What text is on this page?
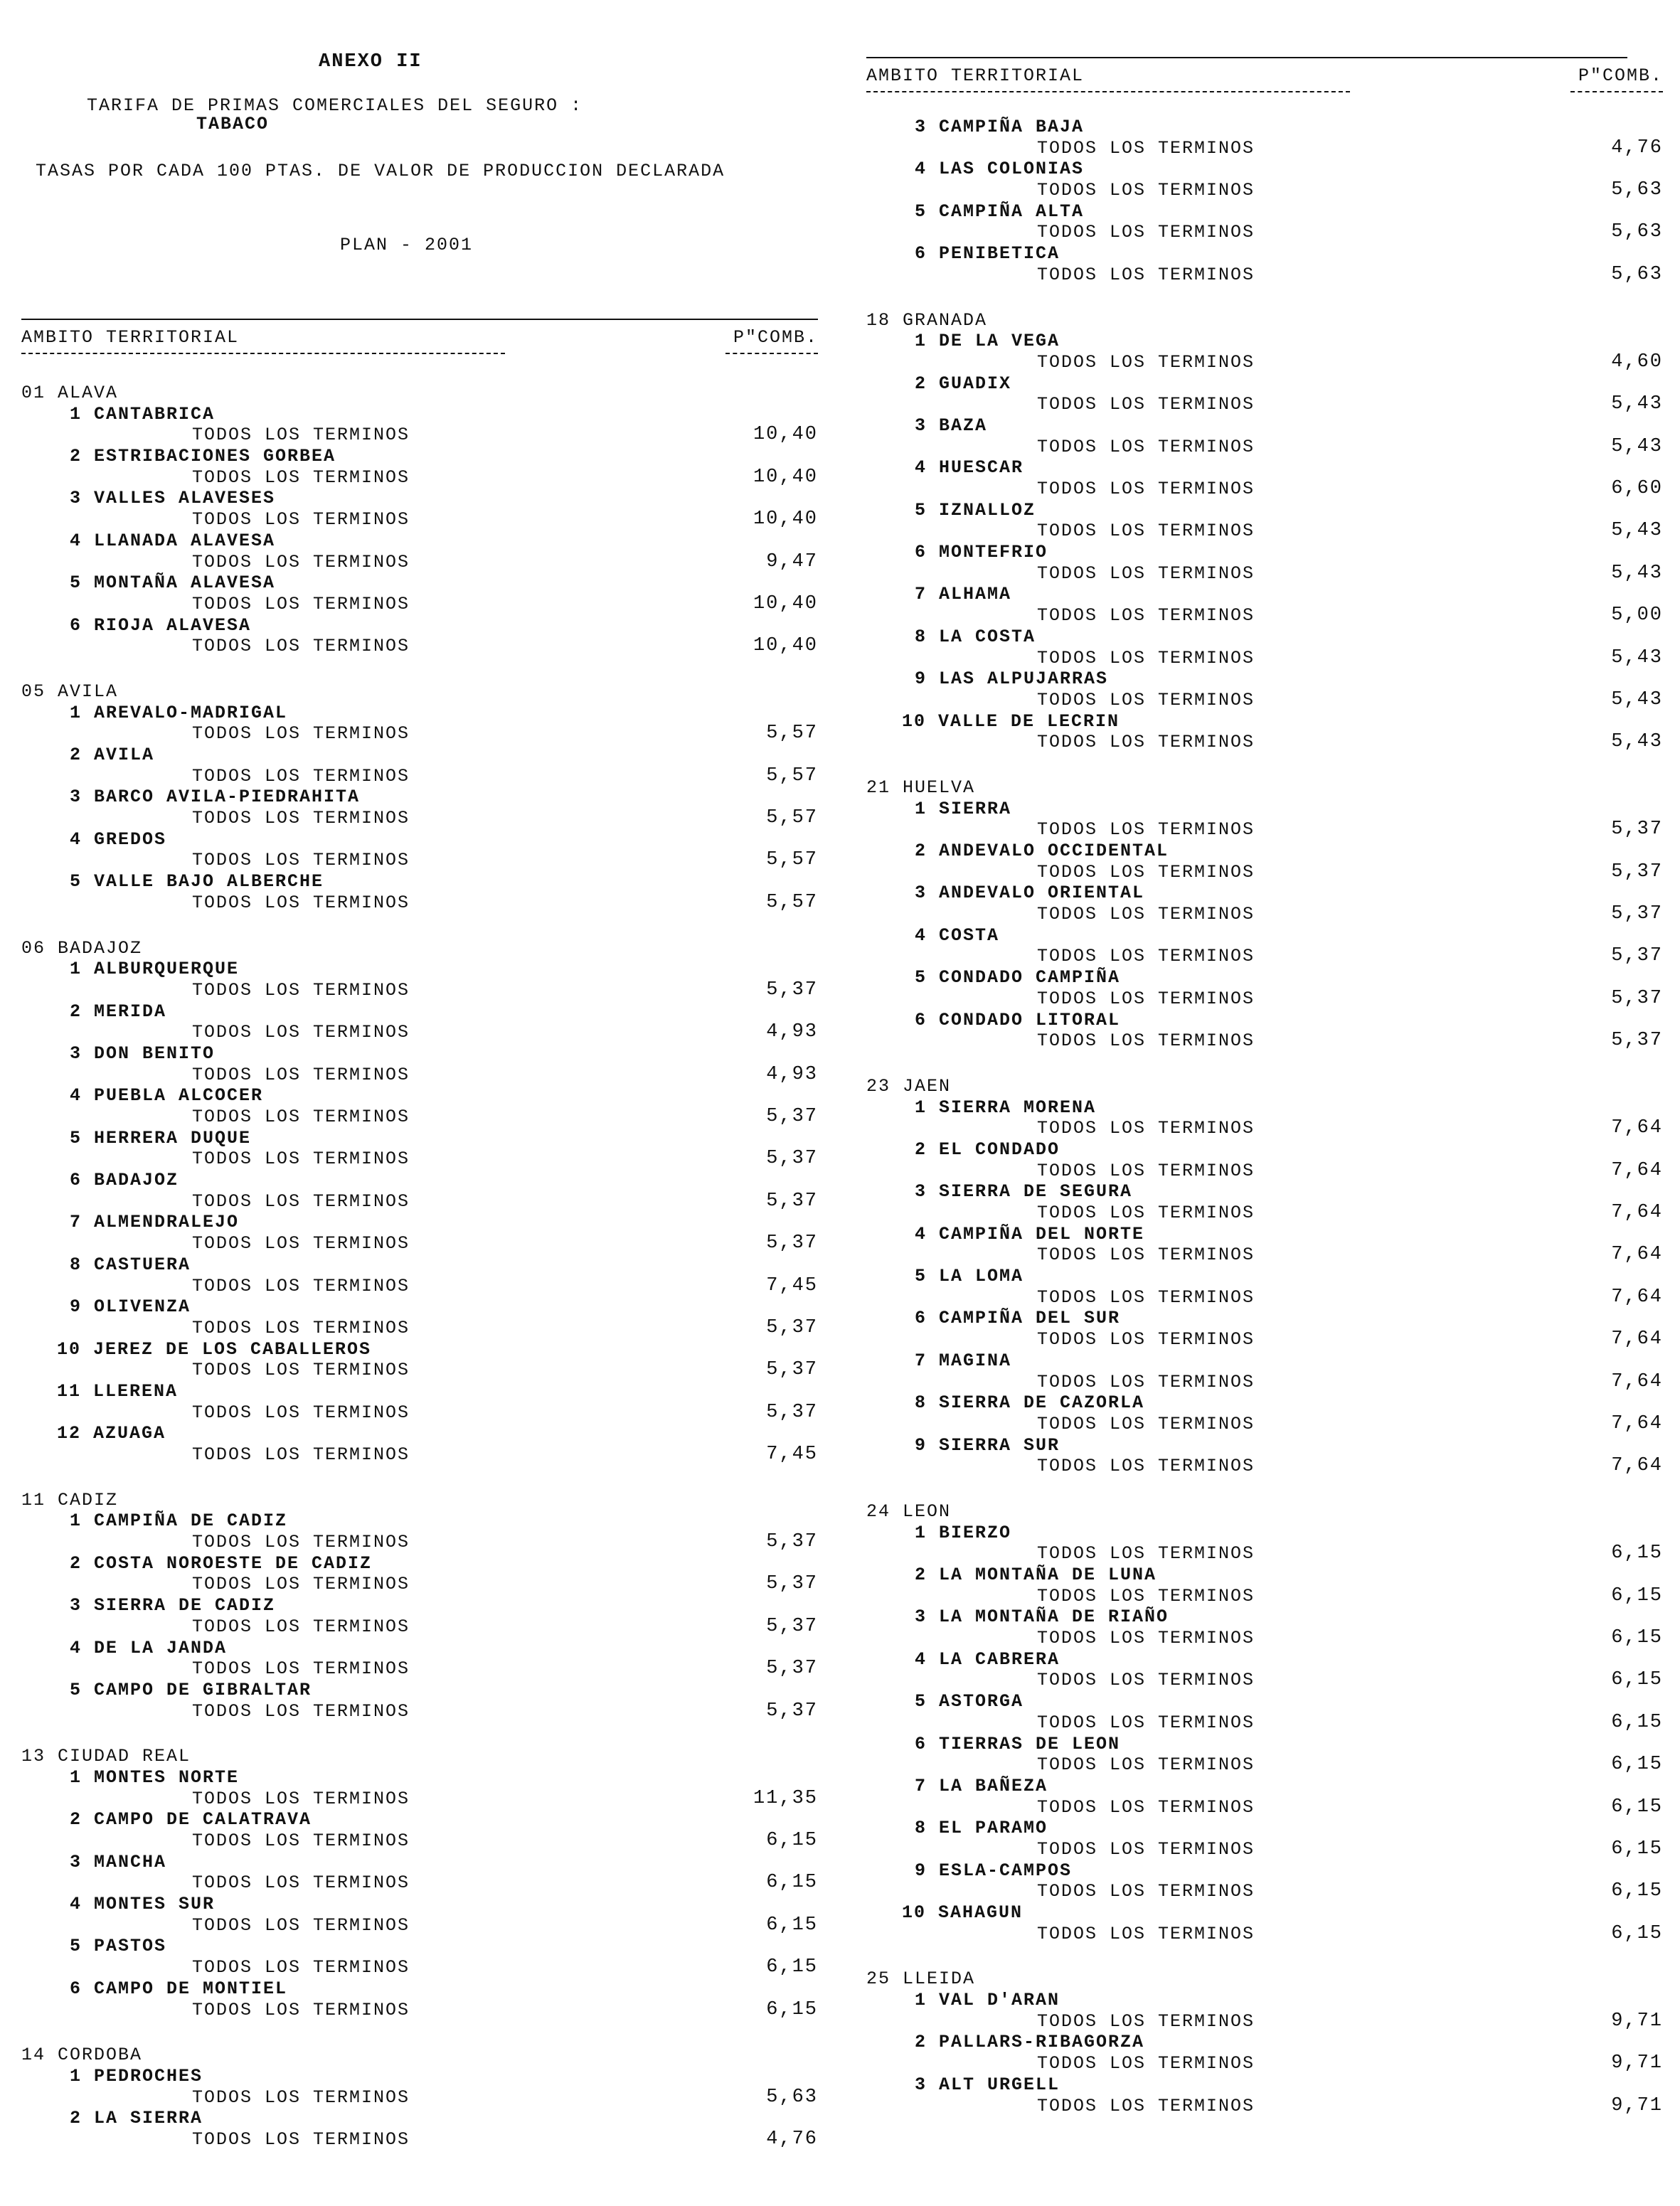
ANEXO II
TARIFA DE PRIMAS COMERCIALES DEL SEGURO :
TABACO
TASAS POR CADA 100 PTAS. DE VALOR DE PRODUCCION DECLARADA
PLAN - 2001
AMBITO TERRITORIAL	P"COMB.
01 ALAVA
1 CANTABRICA
TODOS LOS TERMINOS	10,40
2 ESTRIBACIONES GORBEA
TODOS LOS TERMINOS	10,40
3 VALLES ALAVESES
TODOS LOS TERMINOS	10,40
4 LLANADA ALAVESA
TODOS LOS TERMINOS	9,47
5 MONTAÑA ALAVESA
TODOS LOS TERMINOS	10,40
6 RIOJA ALAVESA
TODOS LOS TERMINOS	10,40
05 AVILA
1 AREVALO-MADRIGAL
TODOS LOS TERMINOS	5,57
2 AVILA
TODOS LOS TERMINOS	5,57
3 BARCO AVILA-PIEDRAHITA
TODOS LOS TERMINOS	5,57
4 GREDOS
TODOS LOS TERMINOS	5,57
5 VALLE BAJO ALBERCHE
TODOS LOS TERMINOS	5,57
06 BADAJOZ
1 ALBURQUERQUE
TODOS LOS TERMINOS	5,37
2 MERIDA
TODOS LOS TERMINOS	4,93
3 DON BENITO
TODOS LOS TERMINOS	4,93
4 PUEBLA ALCOCER
TODOS LOS TERMINOS	5,37
5 HERRERA DUQUE
TODOS LOS TERMINOS	5,37
6 BADAJOZ
TODOS LOS TERMINOS	5,37
7 ALMENDRALEJO
TODOS LOS TERMINOS	5,37
8 CASTUERA
TODOS LOS TERMINOS	7,45
9 OLIVENZA
TODOS LOS TERMINOS	5,37
10 JEREZ DE LOS CABALLEROS
TODOS LOS TERMINOS	5,37
11 LLERENA
TODOS LOS TERMINOS	5,37
12 AZUAGA
TODOS LOS TERMINOS	7,45
11 CADIZ
1 CAMPIÑA DE CADIZ
TODOS LOS TERMINOS	5,37
2 COSTA NOROESTE DE CADIZ
TODOS LOS TERMINOS	5,37
3 SIERRA DE CADIZ
TODOS LOS TERMINOS	5,37
4 DE LA JANDA
TODOS LOS TERMINOS	5,37
5 CAMPO DE GIBRALTAR
TODOS LOS TERMINOS	5,37
13 CIUDAD REAL
1 MONTES NORTE
TODOS LOS TERMINOS	11,35
2 CAMPO DE CALATRAVA
TODOS LOS TERMINOS	6,15
3 MANCHA
TODOS LOS TERMINOS	6,15
4 MONTES SUR
TODOS LOS TERMINOS	6,15
5 PASTOS
TODOS LOS TERMINOS	6,15
6 CAMPO DE MONTIEL
TODOS LOS TERMINOS	6,15
14 CORDOBA
1 PEDROCHES
TODOS LOS TERMINOS	5,63
2 LA SIERRA
TODOS LOS TERMINOS	4,76
AMBITO TERRITORIAL	P"COMB.
3 CAMPIÑA BAJA
TODOS LOS TERMINOS	4,76
4 LAS COLONIAS
TODOS LOS TERMINOS	5,63
5 CAMPIÑA ALTA
TODOS LOS TERMINOS	5,63
6 PENIBETICA
TODOS LOS TERMINOS	5,63
18 GRANADA
1 DE LA VEGA
TODOS LOS TERMINOS	4,60
2 GUADIX
TODOS LOS TERMINOS	5,43
3 BAZA
TODOS LOS TERMINOS	5,43
4 HUESCAR
TODOS LOS TERMINOS	6,60
5 IZNALLOZ
TODOS LOS TERMINOS	5,43
6 MONTEFRIO
TODOS LOS TERMINOS	5,43
7 ALHAMA
TODOS LOS TERMINOS	5,00
8 LA COSTA
TODOS LOS TERMINOS	5,43
9 LAS ALPUJARRAS
TODOS LOS TERMINOS	5,43
10 VALLE DE LECRIN
TODOS LOS TERMINOS	5,43
21 HUELVA
1 SIERRA
TODOS LOS TERMINOS	5,37
2 ANDEVALO OCCIDENTAL
TODOS LOS TERMINOS	5,37
3 ANDEVALO ORIENTAL
TODOS LOS TERMINOS	5,37
4 COSTA
TODOS LOS TERMINOS	5,37
5 CONDADO CAMPIÑA
TODOS LOS TERMINOS	5,37
6 CONDADO LITORAL
TODOS LOS TERMINOS	5,37
23 JAEN
1 SIERRA MORENA
TODOS LOS TERMINOS	7,64
2 EL CONDADO
TODOS LOS TERMINOS	7,64
3 SIERRA DE SEGURA
TODOS LOS TERMINOS	7,64
4 CAMPIÑA DEL NORTE
TODOS LOS TERMINOS	7,64
5 LA LOMA
TODOS LOS TERMINOS	7,64
6 CAMPIÑA DEL SUR
TODOS LOS TERMINOS	7,64
7 MAGINA
TODOS LOS TERMINOS	7,64
8 SIERRA DE CAZORLA
TODOS LOS TERMINOS	7,64
9 SIERRA SUR
TODOS LOS TERMINOS	7,64
24 LEON
1 BIERZO
TODOS LOS TERMINOS	6,15
2 LA MONTAÑA DE LUNA
TODOS LOS TERMINOS	6,15
3 LA MONTAÑA DE RIAÑO
TODOS LOS TERMINOS	6,15
4 LA CABRERA
TODOS LOS TERMINOS	6,15
5 ASTORGA
TODOS LOS TERMINOS	6,15
6 TIERRAS DE LEON
TODOS LOS TERMINOS	6,15
7 LA BAÑEZA
TODOS LOS TERMINOS	6,15
8 EL PARAMO
TODOS LOS TERMINOS	6,15
9 ESLA-CAMPOS
TODOS LOS TERMINOS	6,15
10 SAHAGUN
TODOS LOS TERMINOS	6,15
25 LLEIDA
1 VAL D'ARAN
TODOS LOS TERMINOS	9,71
2 PALLARS-RIBAGORZA
TODOS LOS TERMINOS	9,71
3 ALT URGELL
TODOS LOS TERMINOS	9,71
